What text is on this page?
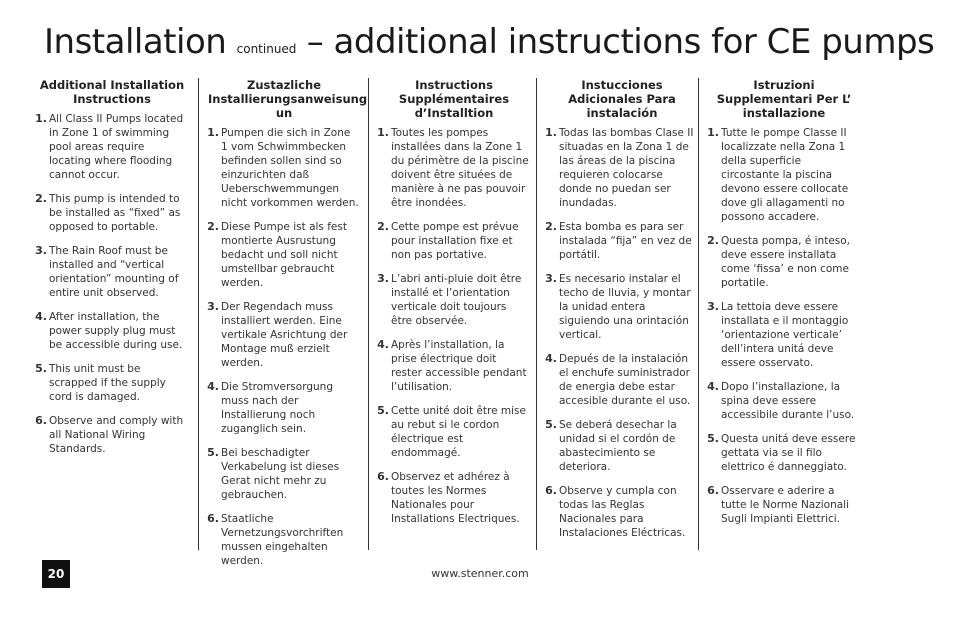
Installation continued – additional instructions for CE pumps
Additional Installation Instructions
1. All Class II Pumps located in Zone 1 of swimming pool areas require locating where flooding cannot occur.
2. This pump is intended to be installed as “fixed” as opposed to portable.
3. The Rain Roof must be installed and “vertical orientation” mounting of entire unit observed.
4. After installation, the power supply plug must be accessible during use.
5. This unit must be scrapped if the supply cord is damaged.
6. Observe and comply with all National Wiring Standards.
Zustazliche Installierungsanweisung un
1. Pumpen die sich in Zone 1 vom Schwimmbecken befinden sollen sind so einzurichten daß Ueberschwemmungen nicht vorkommen werden.
2. Diese Pumpe ist als fest montierte Ausrustung bedacht und soll nicht umstellbar gebraucht werden.
3. Der Regendach muss installiert werden. Eine vertikale Asrichtung der Montage muß erzielt werden.
4. Die Stromversorgung muss nach der Installierung noch zuganglich sein.
5. Bei beschadigter Verkabelung ist dieses Gerat nicht mehr zu gebrauchen.
6. Staatliche Vernetzungsvorchriften mussen eingehalten werden.
Instructions Supplémentaires d’Installtion
1. Toutes les pompes installées dans la Zone 1 du périmètre de la piscine doivent être situées de manière à ne pas pouvoir être inondées.
2. Cette pompe est prévue pour installation fixe et non pas portative.
3. L’abri anti-pluie doit être installé et l’orientation verticale doit toujours être observée.
4. Après l’installation, la prise électrique doit rester accessible pendant l’utilisation.
5. Cette unité doit être mise au rebut si le cordon électrique est endommagé.
6. Observez et adhérez à toutes les Normes Nationales pour Installations Electriques.
Instucciones Adicionales Para instalación
1. Todas las bombas Clase II situadas en la Zona 1 de las áreas de la piscina requieren colocarse donde no puedan ser inundadas.
2. Esta bomba es para ser instalada “fija” en vez de portátil.
3. Es necesario instalar el techo de lluvia, y montar la unidad entera siguiendo una orintación vertical.
4. Depués de la instalación el enchufe suministrador de energia debe estar accesible durante el uso.
5. Se deberá desechar la unidad si el cordón de abastecimiento se deteriora.
6. Observe y cumpla con todas las Reglas Nacionales para Instalaciones Eléctricas.
Istruzioni Supplementari Per L’ installazione
1. Tutte le pompe Classe II localizzate nella Zona 1 della superficie circostante la piscina devono essere collocate dove gli allagamenti no possono accadere.
2. Questa pompa, é inteso, deve essere installata come ‘fissa’ e non come portatile.
3. La tettoia deve essere installata e il montaggio ‘orientazione verticale’ dell’intera unitá deve essere osservato.
4. Dopo l’installazione, la spina deve essere accessibile durante l’uso.
5. Questa unitá deve essere gettata via se il filo elettrico é danneggiato.
6. Osservare e aderire a tutte le Norme Nazionali Sugli Impianti Elettrici.
20	www.stenner.com
